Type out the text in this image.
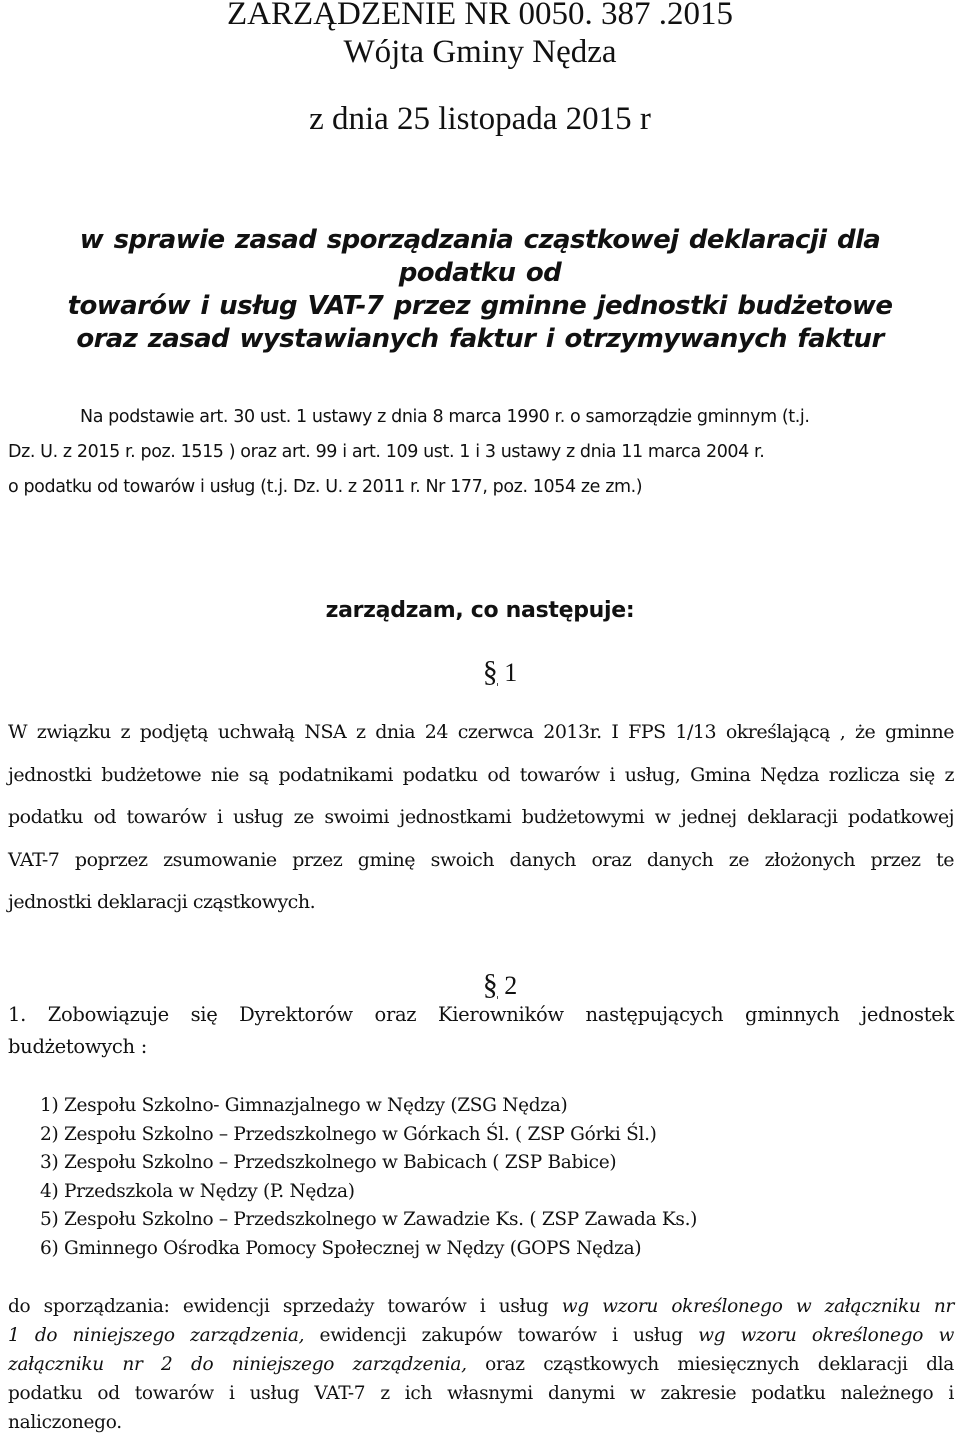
ZARZĄDZENIE NR 0050. 387 .2015
Wójta Gminy Nędza
z dnia 25 listopada 2015 r
w sprawie zasad sporządzania cząstkowej deklaracji dla podatku od
towarów i usług VAT-7 przez gminne jednostki budżetowe
oraz zasad wystawianych faktur i otrzymywanych faktur
Na podstawie art. 30 ust. 1 ustawy z dnia 8 marca 1990 r. o samorządzie gminnym (t.j.
Dz. U. z 2015 r. poz. 1515 ) oraz art. 99 i art. 109 ust. 1 i 3 ustawy z dnia 11 marca 2004 r.
o podatku od towarów i usług (t.j. Dz. U. z 2011 r. Nr 177, poz. 1054 ze zm.)
zarządzam, co następuje:
§ 1
W związku z podjętą uchwałą NSA z dnia 24 czerwca 2013r. I FPS 1/13 określającą , że gminne
jednostki budżetowe nie są podatnikami podatku od towarów i usług, Gmina Nędza rozlicza się z
podatku od towarów i usług ze swoimi jednostkami budżetowymi w jednej deklaracji podatkowej
VAT-7 poprzez zsumowanie przez gminę swoich danych oraz danych ze złożonych przez te
jednostki deklaracji cząstkowych.
§ 2
1. Zobowiązuje się Dyrektorów oraz Kierowników następujących gminnych jednostek
budżetowych :
1) Zespołu Szkolno- Gimnazjalnego w Nędzy (ZSG Nędza)
2) Zespołu Szkolno – Przedszkolnego w Górkach Śl. ( ZSP Górki Śl.)
3) Zespołu Szkolno – Przedszkolnego w Babicach ( ZSP Babice)
4) Przedszkola w Nędzy (P. Nędza)
5) Zespołu Szkolno – Przedszkolnego w Zawadzie Ks. ( ZSP Zawada Ks.)
6) Gminnego Ośrodka Pomocy Społecznej w Nędzy (GOPS Nędza)
do sporządzania: ewidencji sprzedaży towarów i usług wg wzoru określonego w załączniku nr
1 do niniejszego zarządzenia, ewidencji zakupów towarów i usług wg wzoru określonego w
załączniku nr 2 do niniejszego zarządzenia, oraz cząstkowych miesięcznych deklaracji dla
podatku od towarów i usług VAT-7 z ich własnymi danymi w zakresie podatku należnego i
naliczonego.
